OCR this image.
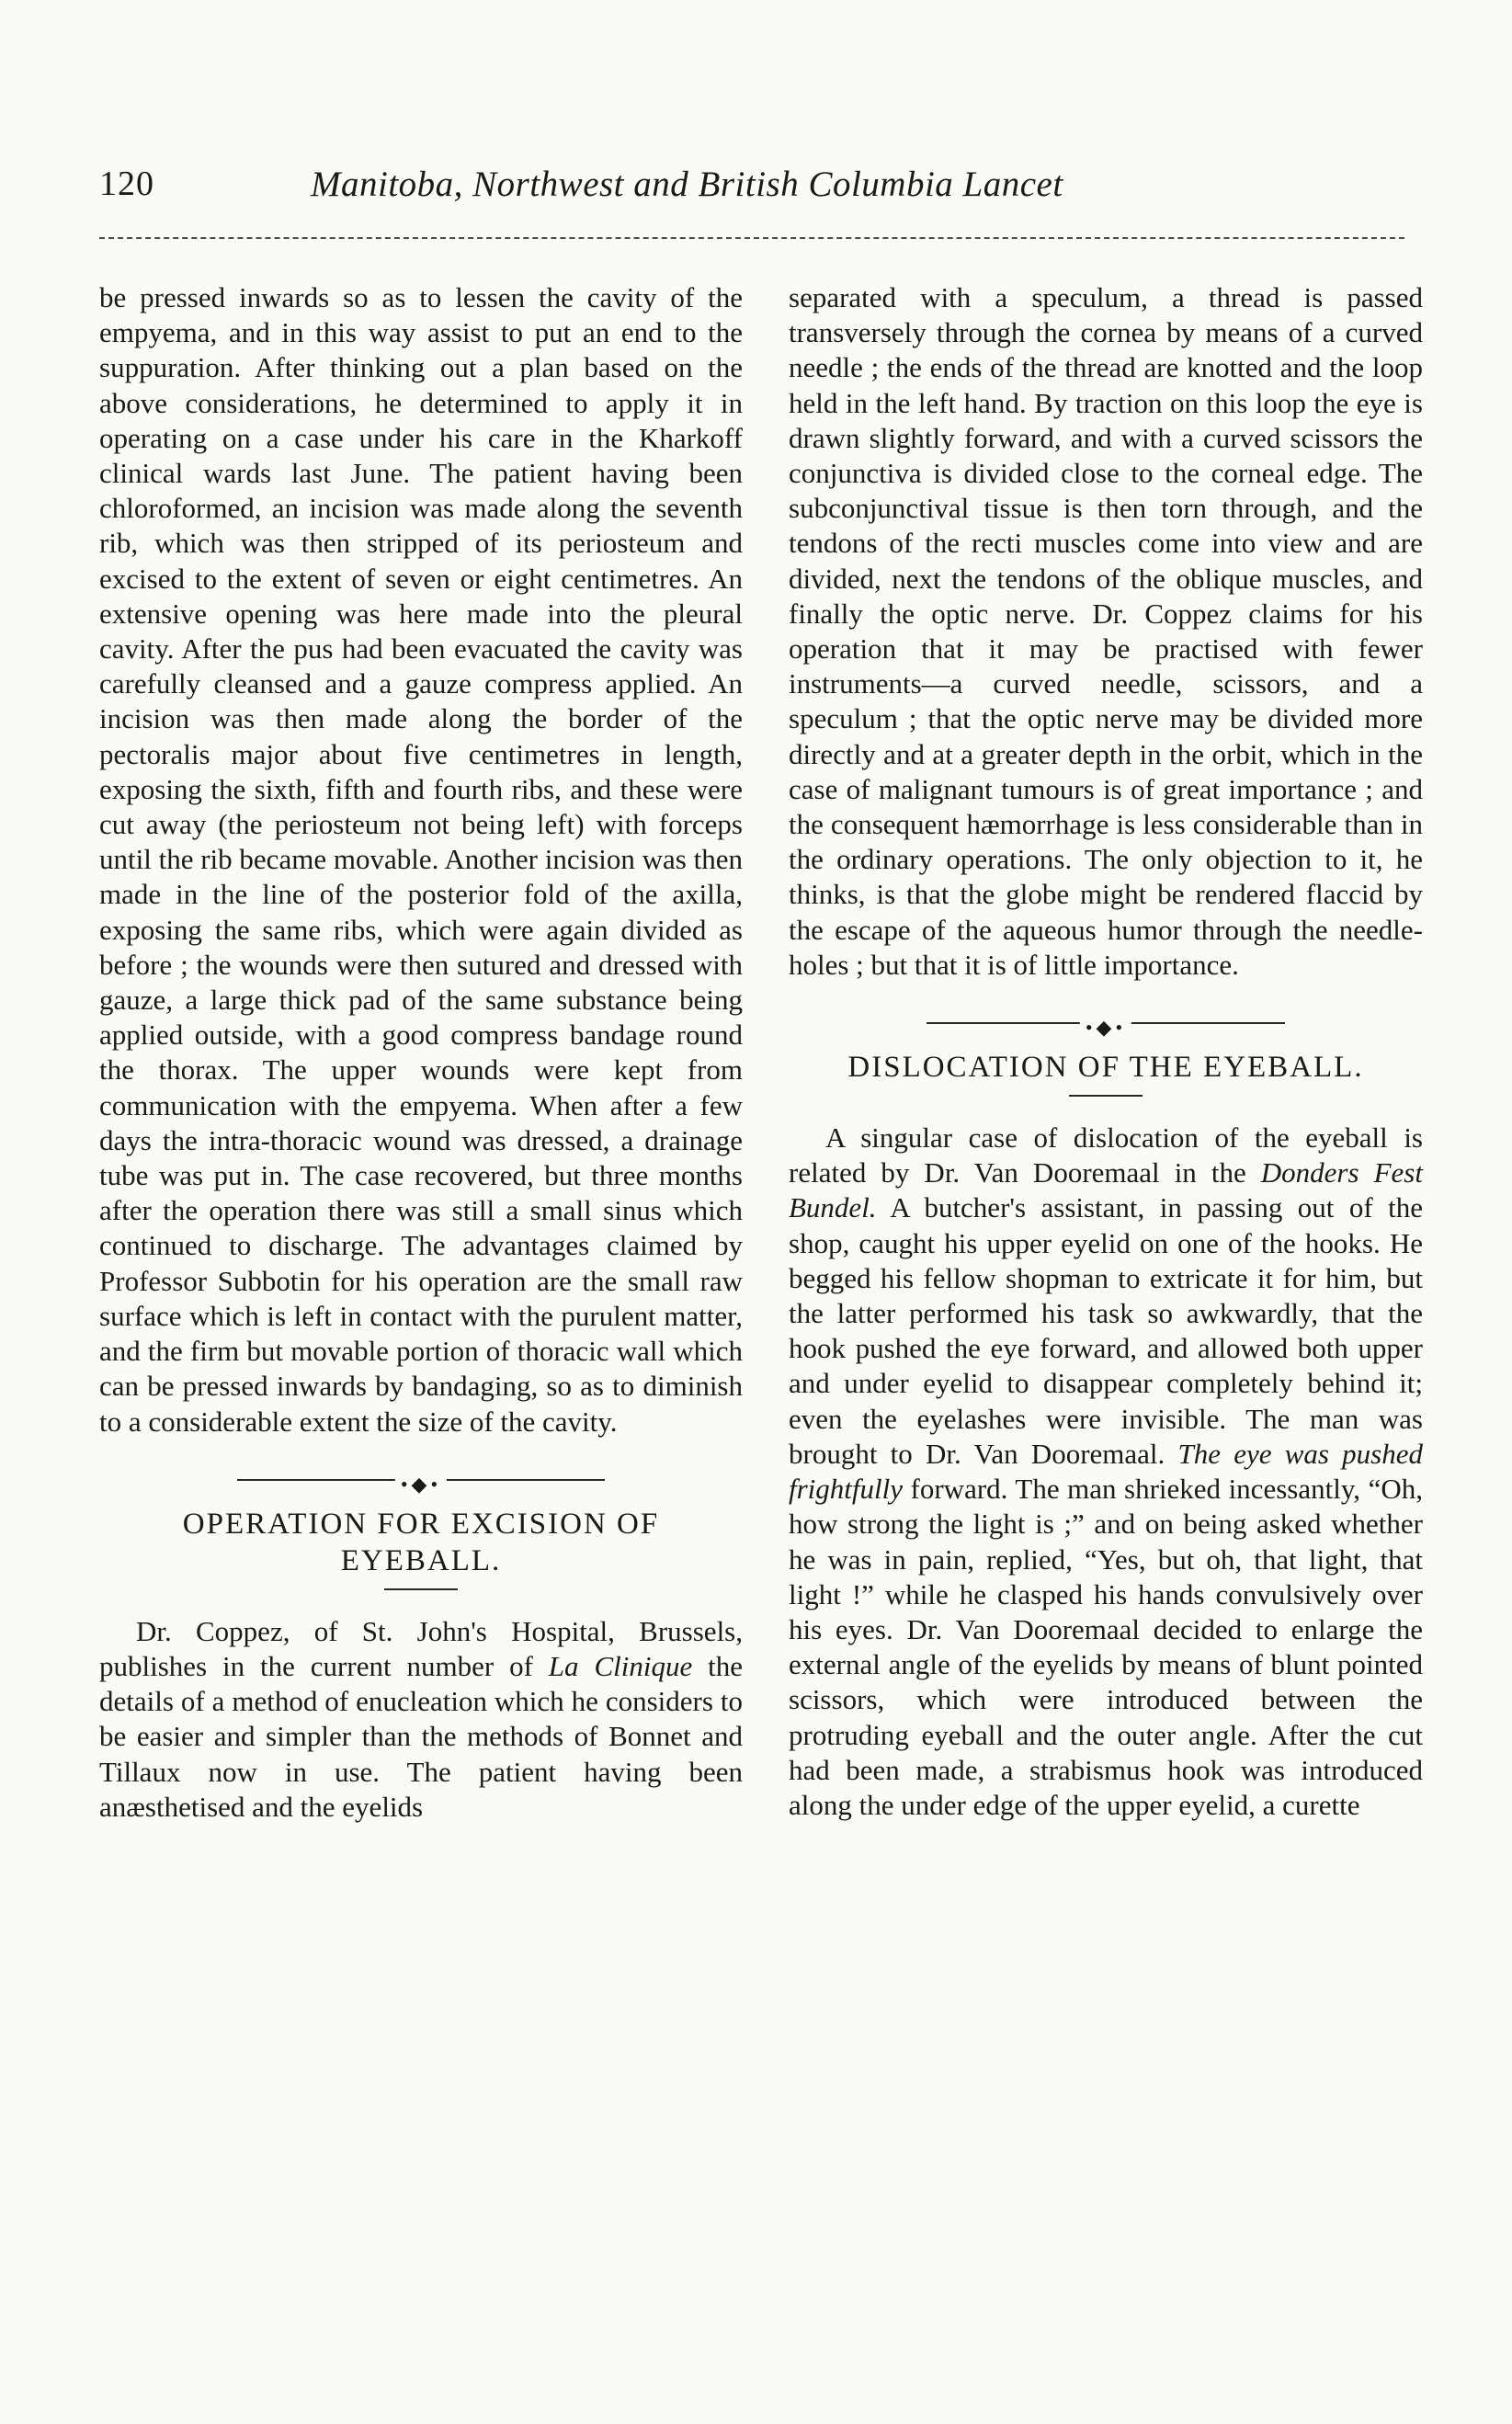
120	Manitoba, Northwest and British Columbia Lancet

be pressed inwards so as to lessen the cavity of the empyema, and in this way assist to put an end to the suppuration. After thinking out a plan based on the above considerations, he determined to apply it in operating on a case under his care in the Kharkoff clinical wards last June. The patient having been chloroformed, an incision was made along the seventh rib, which was then stripped of its periosteum and excised to the extent of seven or eight centimetres. An extensive opening was here made into the pleural cavity. After the pus had been evacuated the cavity was carefully cleansed and a gauze compress applied. An incision was then made along the border of the pectoralis major about five centimetres in length, exposing the sixth, fifth and fourth ribs, and these were cut away (the periosteum not being left) with forceps until the rib became movable. Another incision was then made in the line of the posterior fold of the axilla, exposing the same ribs, which were again divided as before ; the wounds were then sutured and dressed with gauze, a large thick pad of the same substance being applied outside, with a good compress bandage round the thorax. The upper wounds were kept from communication with the empyema. When after a few days the intra-thoracic wound was dressed, a drainage tube was put in. The case recovered, but three months after the operation there was still a small sinus which continued to discharge. The advantages claimed by Professor Subbotin for his operation are the small raw surface which is left in contact with the purulent matter, and the firm but movable portion of thoracic wall which can be pressed inwards by bandaging, so as to diminish to a considerable extent the size of the cavity.

•◆•
OPERATION FOR EXCISION OF EYEBALL.

Dr. Coppez, of St. John's Hospital, Brussels, publishes in the current number of La Clinique the details of a method of enucleation which he considers to be easier and simpler than the methods of Bonnet and Tillaux now in use. The patient having been anæsthetised and the eyelids

separated with a speculum, a thread is passed transversely through the cornea by means of a curved needle ; the ends of the thread are knotted and the loop held in the left hand. By traction on this loop the eye is drawn slightly forward, and with a curved scissors the conjunctiva is divided close to the corneal edge. The subconjunctival tissue is then torn through, and the tendons of the recti muscles come into view and are divided, next the tendons of the oblique muscles, and finally the optic nerve. Dr. Coppez claims for his operation that it may be practised with fewer instruments—a curved needle, scissors, and a speculum ; that the optic nerve may be divided more directly and at a greater depth in the orbit, which in the case of malignant tumours is of great importance ; and the consequent hæmorrhage is less considerable than in the ordinary operations. The only objection to it, he thinks, is that the globe might be rendered flaccid by the escape of the aqueous humor through the needle-holes ; but that it is of little importance.

•◆•
DISLOCATION OF THE EYEBALL.

A singular case of dislocation of the eyeball is related by Dr. Van Dooremaal in the Donders Fest Bundel. A butcher's assistant, in passing out of the shop, caught his upper eyelid on one of the hooks. He begged his fellow shopman to extricate it for him, but the latter performed his task so awkwardly, that the hook pushed the eye forward, and allowed both upper and under eyelid to disappear completely behind it; even the eyelashes were invisible. The man was brought to Dr. Van Dooremaal. The eye was pushed frightfully forward. The man shrieked incessantly, “Oh, how strong the light is ;” and on being asked whether he was in pain, replied, “Yes, but oh, that light, that light !” while he clasped his hands convulsively over his eyes. Dr. Van Dooremaal decided to enlarge the external angle of the eyelids by means of blunt pointed scissors, which were introduced between the protruding eyeball and the outer angle. After the cut had been made, a strabismus hook was introduced along the under edge of the upper eyelid, a curette
